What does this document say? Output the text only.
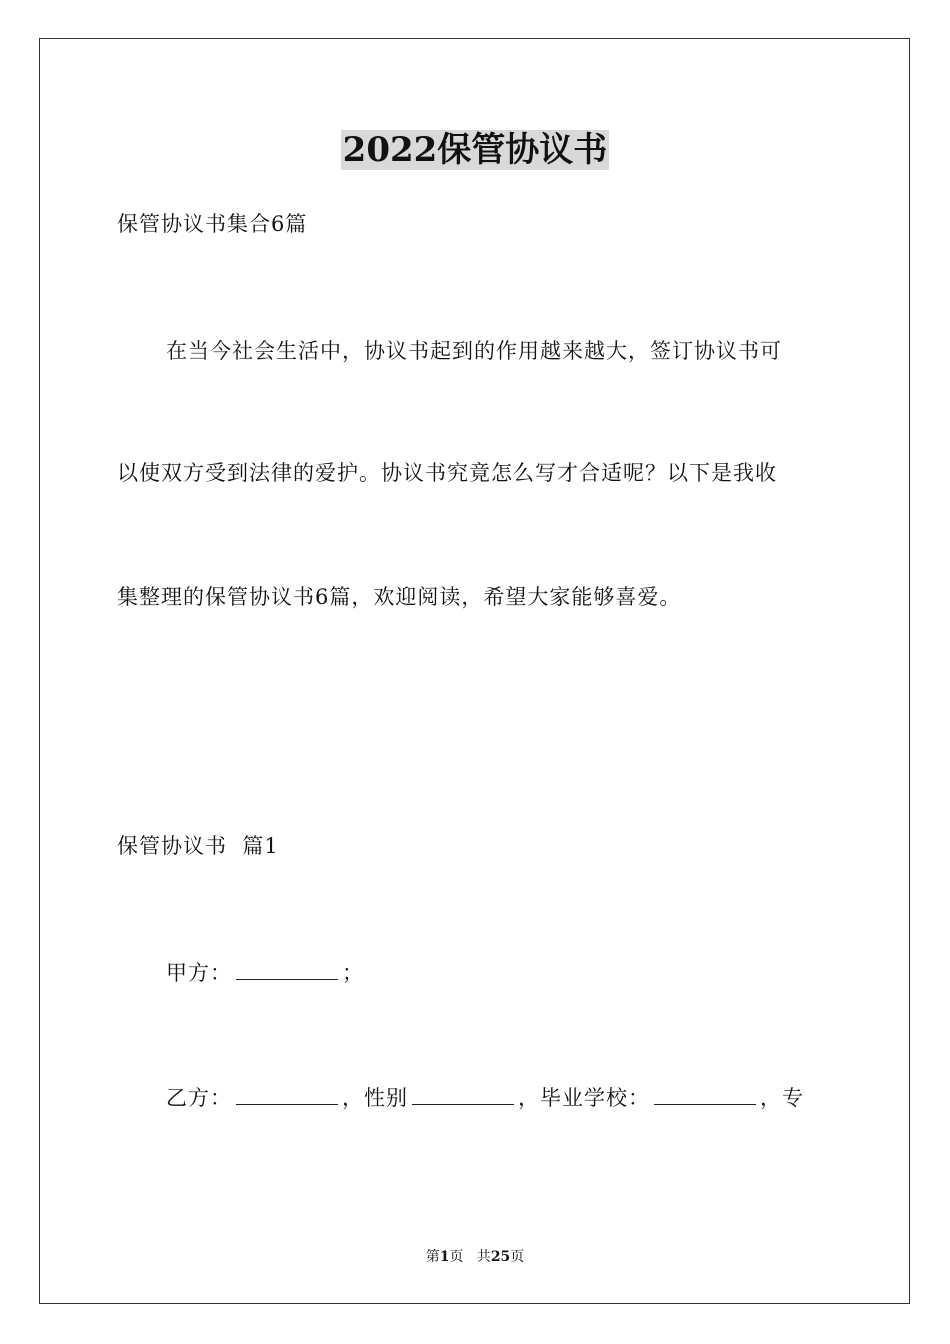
2022保管协议书
保管协议书集合6篇
在当今社会生活中，协议书起到的作用越来越大，签订协议书可
以使双方受到法律的爱护。协议书究竟怎么写才合适呢？以下是我收
集整理的保管协议书6篇，欢迎阅读，希望大家能够喜爱。
保管协议书  篇1
甲方：	；
乙方：	，性别	，毕业学校：	，专
第1页   共25页
